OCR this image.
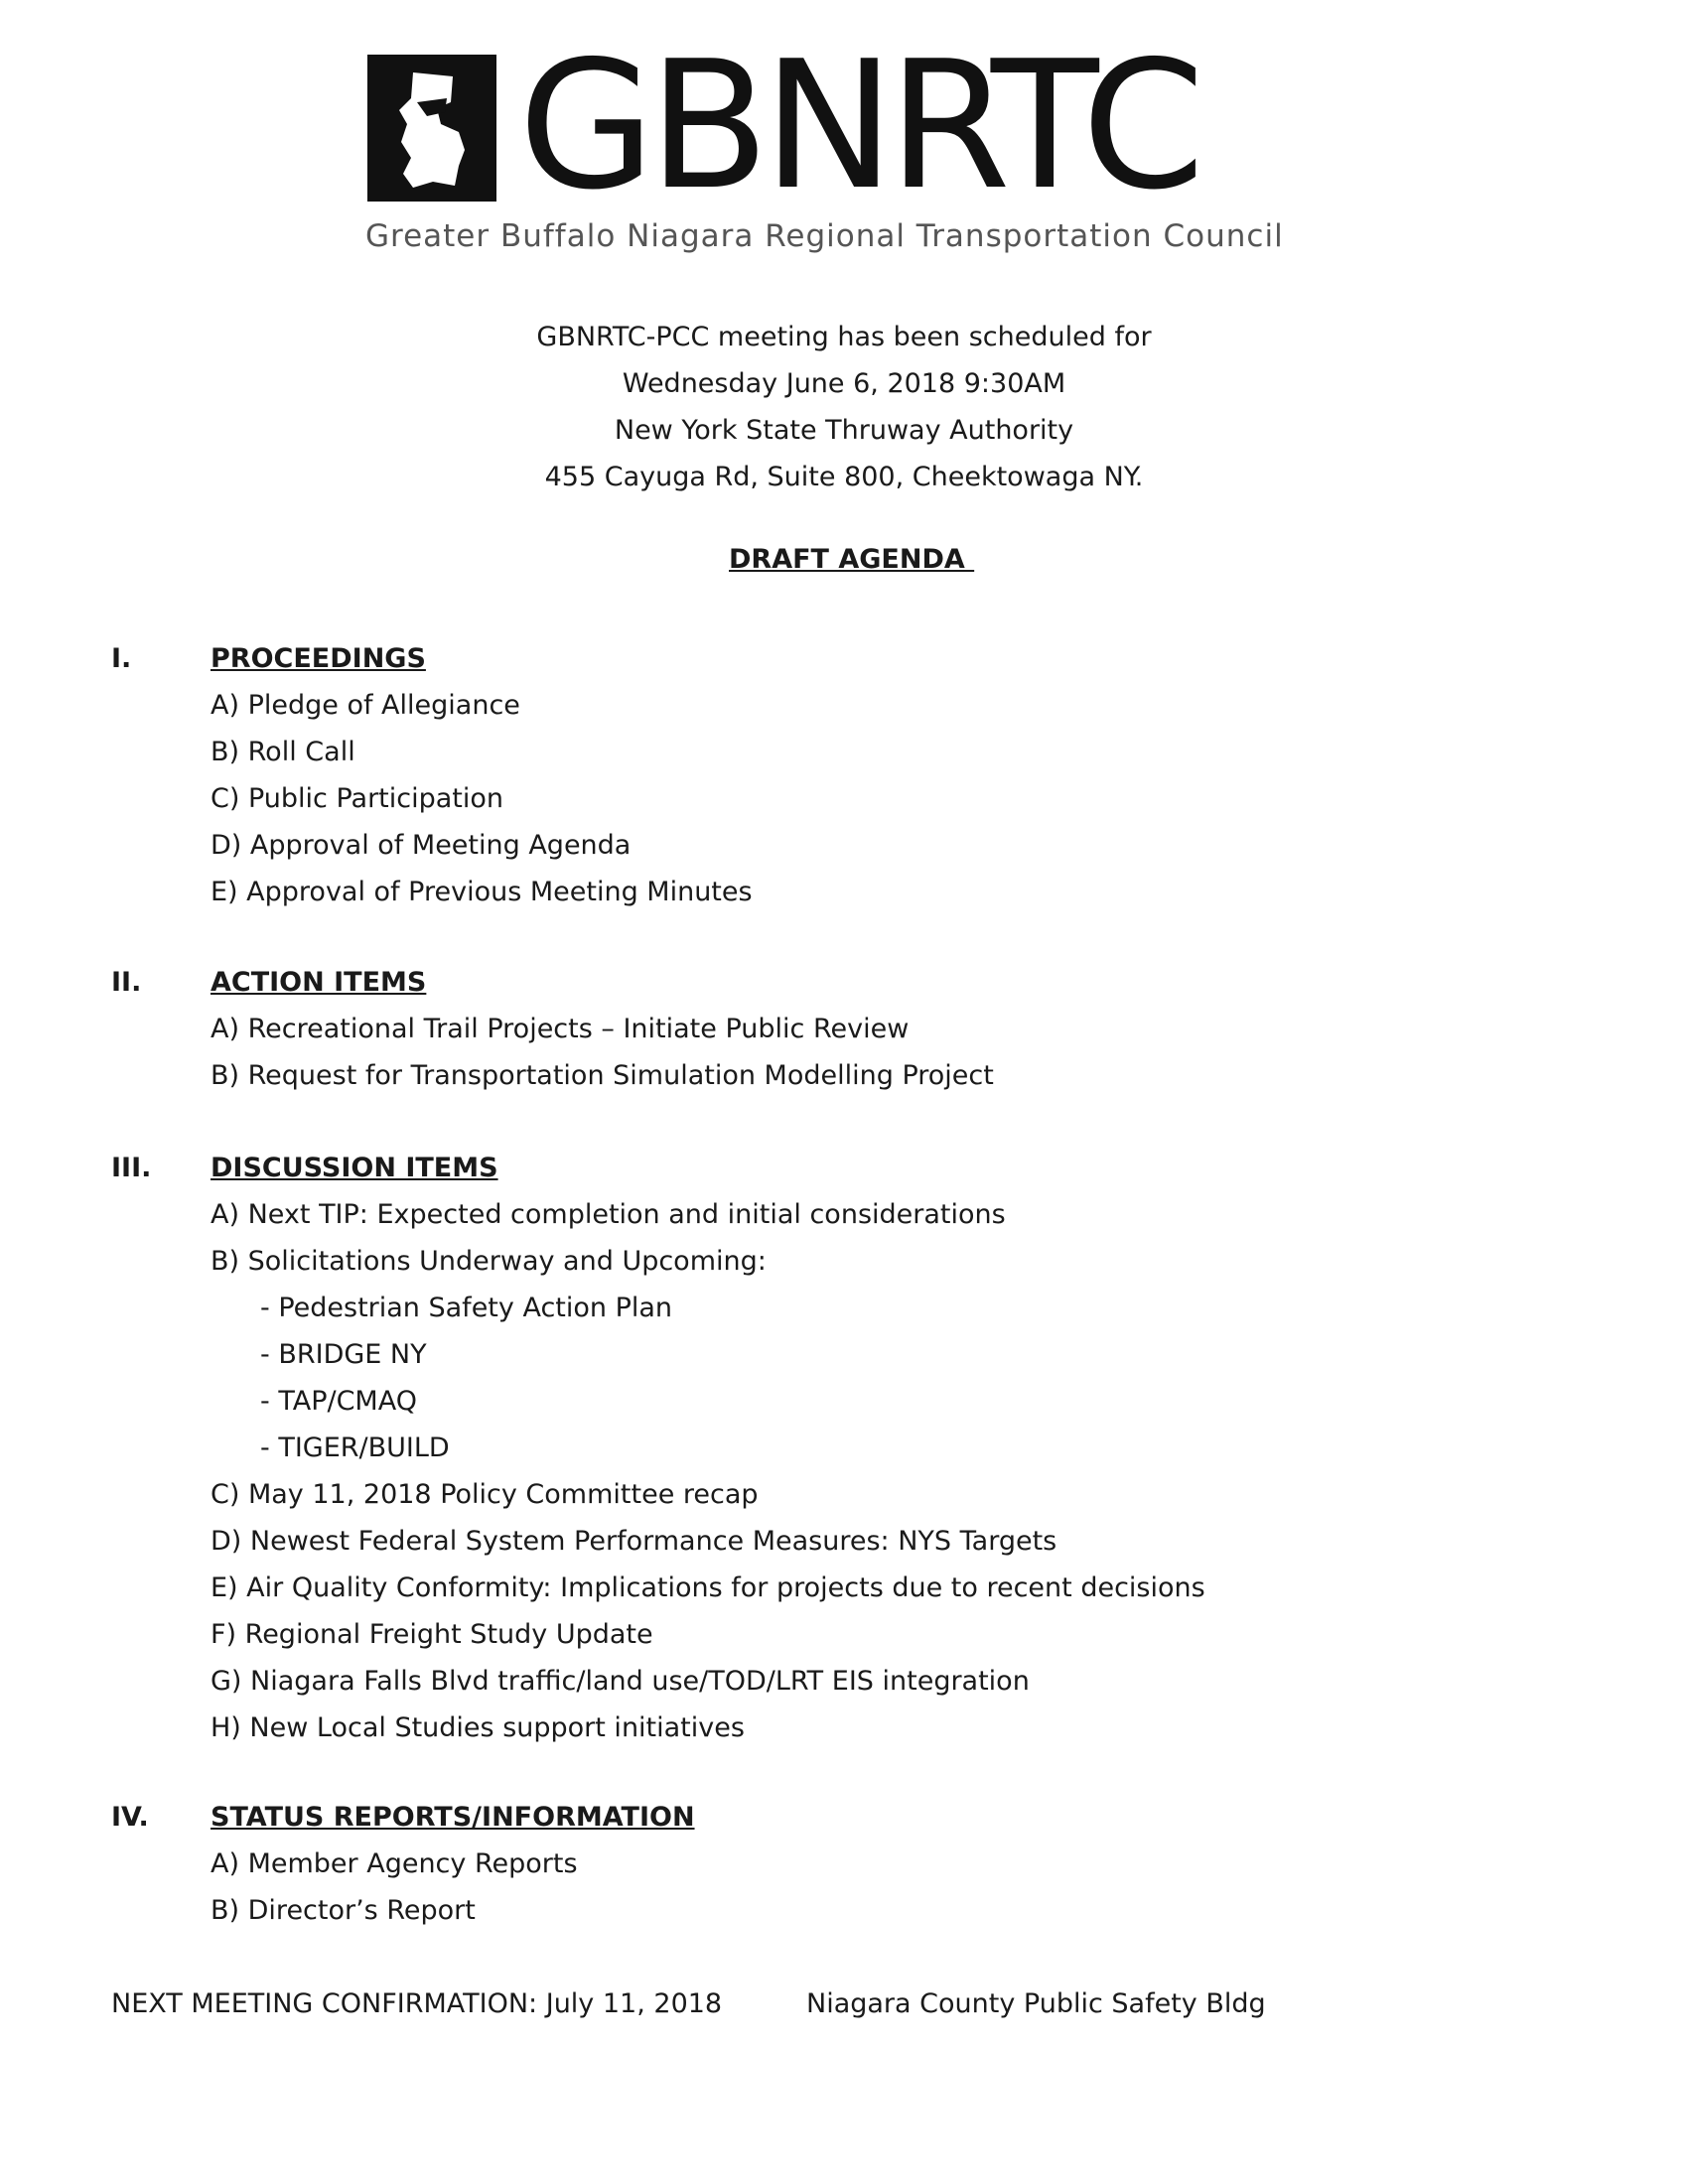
GBNRTC
Greater Buffalo Niagara Regional Transportation Council
GBNRTC-PCC meeting has been scheduled for
Wednesday June 6, 2018 9:30AM
New York State Thruway Authority
455 Cayuga Rd, Suite 800, Cheektowaga NY.
DRAFT AGENDA
I.	PROCEEDINGS
A) Pledge of Allegiance
B) Roll Call
C) Public Participation
D) Approval of Meeting Agenda
E) Approval of Previous Meeting Minutes
II.	ACTION ITEMS
A) Recreational Trail Projects – Initiate Public Review
B) Request for Transportation Simulation Modelling Project
III. DISCUSSION ITEMS
A) Next TIP: Expected completion and initial considerations
B) Solicitations Underway and Upcoming:
- Pedestrian Safety Action Plan
- BRIDGE NY
- TAP/CMAQ
- TIGER/BUILD
C) May 11, 2018 Policy Committee recap
D) Newest Federal System Performance Measures: NYS Targets
E) Air Quality Conformity: Implications for projects due to recent decisions
F) Regional Freight Study Update
G) Niagara Falls Blvd traffic/land use/TOD/LRT EIS integration
H) New Local Studies support initiatives
IV. STATUS REPORTS/INFORMATION
A) Member Agency Reports
B) Director’s Report
NEXT MEETING CONFIRMATION: July 11, 2018	Niagara County Public Safety Bldg
